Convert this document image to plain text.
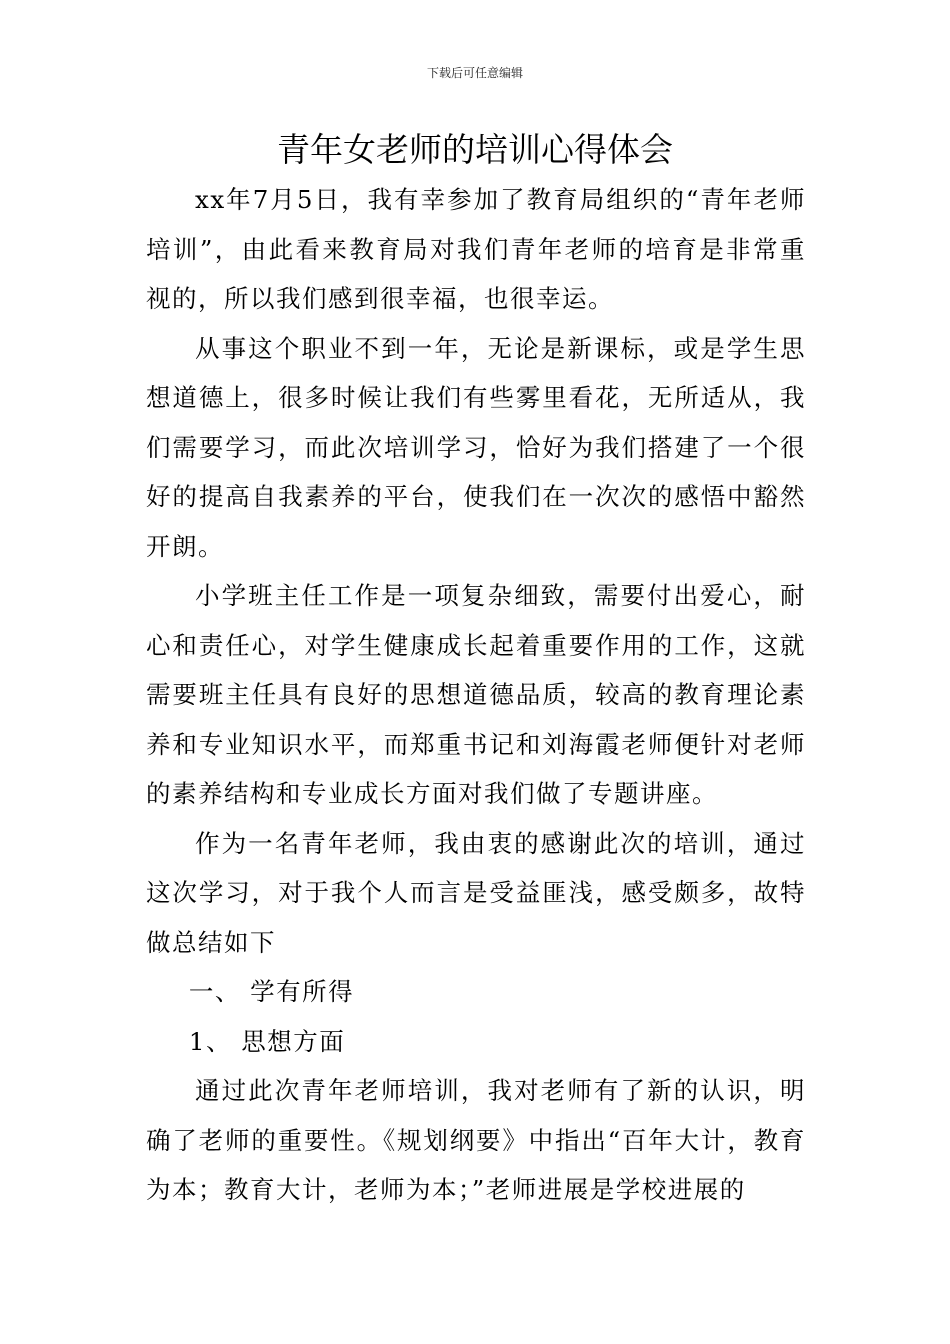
下载后可任意编辑
青年女老师的培训心得体会

xx年7月5日，我有幸参加了教育局组织的“青年老师培训”，由此看来教育局对我们青年老师的培育是非常重视的，所以我们感到很幸福，也很幸运。

从事这个职业不到一年，无论是新课标，或是学生思想道德上，很多时候让我们有些雾里看花，无所适从，我们需要学习，而此次培训学习，恰好为我们搭建了一个很好的提高自我素养的平台，使我们在一次次的感悟中豁然开朗。

小学班主任工作是一项复杂细致，需要付出爱心，耐心和责任心，对学生健康成长起着重要作用的工作，这就需要班主任具有良好的思想道德品质，较高的教育理论素养和专业知识水平，而郑重书记和刘海霞老师便针对老师的素养结构和专业成长方面对我们做了专题讲座。

作为一名青年老师，我由衷的感谢此次的培训，通过这次学习，对于我个人而言是受益匪浅，感受颇多，故特做总结如下

一、 学有所得

1、 思想方面

通过此次青年老师培训，我对老师有了新的认识，明确了老师的重要性。《规划纲要》中指出“百年大计，教育为本；教育大计，老师为本；”老师进展是学校进展的
